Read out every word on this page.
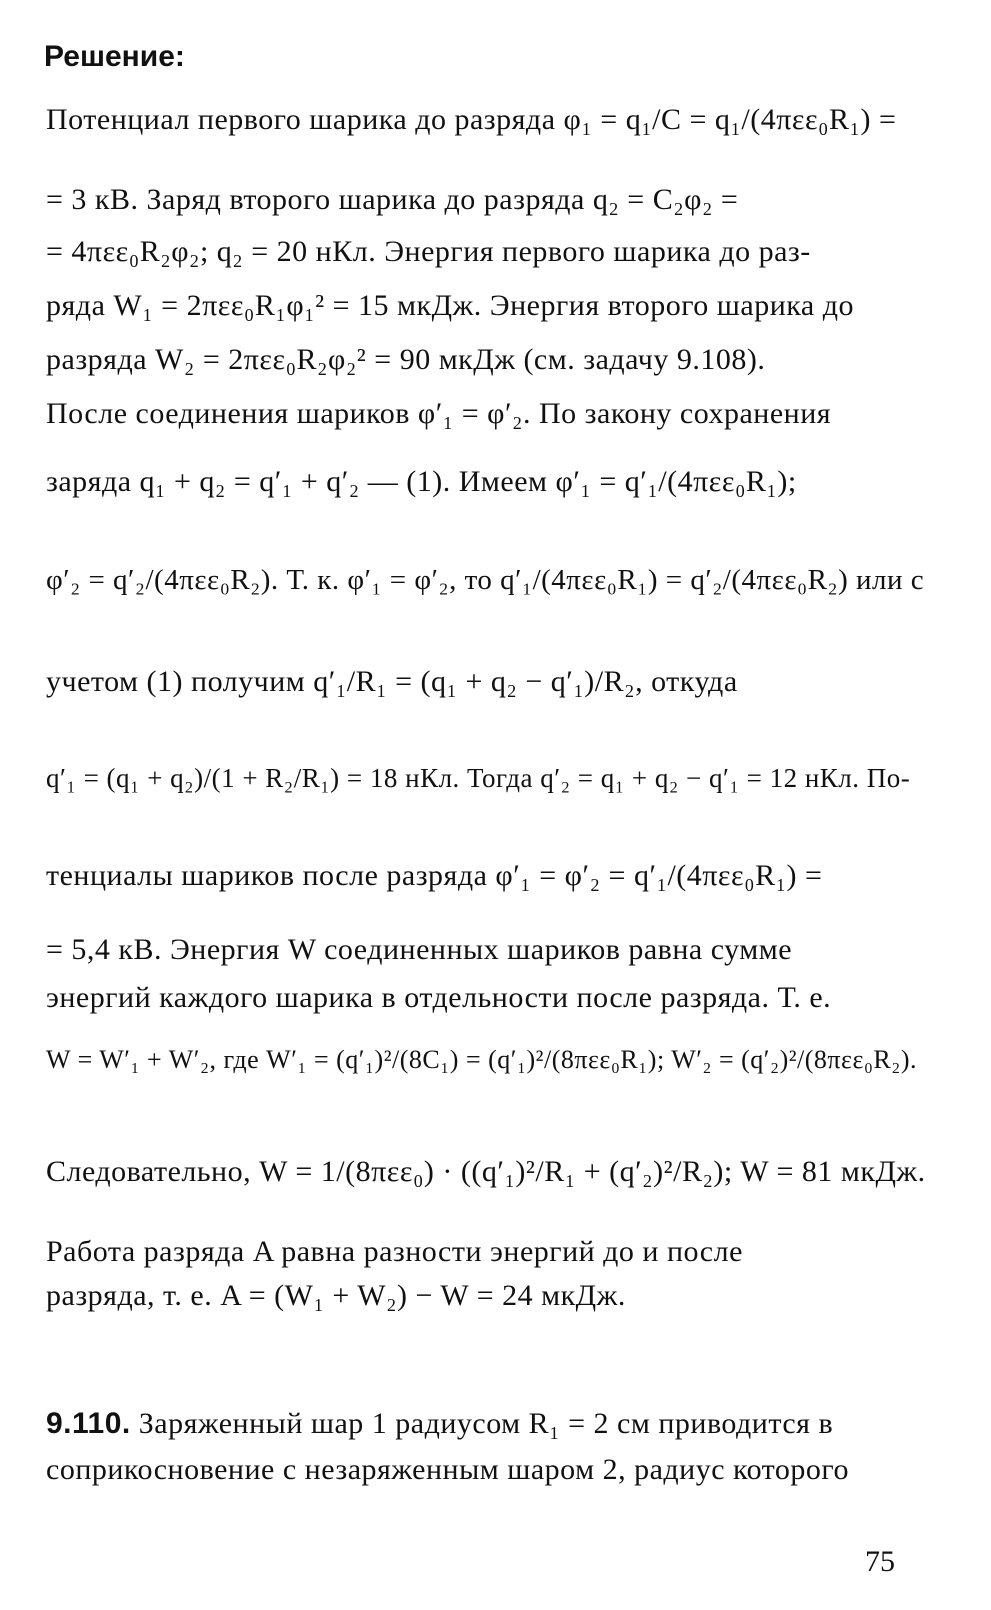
Решение:
Потенциал первого шарика до разряда φ₁ = q₁/C = q₁/(4πεε₀R₁) =
= 3 кВ. Заряд второго шарика до разряда q₂ = C₂φ₂ =
= 4πεε₀R₂φ₂; q₂ = 20 нКл. Энергия первого шарика до раз-
ряда W₁ = 2πεε₀R₁φ₁² = 15 мкДж. Энергия второго шарика до
разряда W₂ = 2πεε₀R₂φ₂² = 90 мкДж (см. задачу 9.108).
После соединения шариков φ′₁ = φ′₂. По закону сохранения
заряда q₁ + q₂ = q′₁ + q′₂ — (1). Имеем φ′₁ = q′₁/(4πεε₀R₁);
φ′₂ = q′₂/(4πεε₀R₂). Т. к. φ′₁ = φ′₂, то q′₁/(4πεε₀R₁) = q′₂/(4πεε₀R₂) или с
учетом (1) получим q′₁/R₁ = (q₁ + q₂ − q′₁)/R₂, откуда
q′₁ = (q₁ + q₂)/(1 + R₂/R₁) = 18 нКл. Тогда q′₂ = q₁ + q₂ − q′₁ = 12 нКл. По-
тенциалы шариков после разряда φ′₁ = φ′₂ = q′₁/(4πεε₀R₁) =
= 5,4 кВ. Энергия W соединенных шариков равна сумме
энергий каждого шарика в отдельности после разряда. Т. е.
W = W′₁ + W′₂, где W′₁ = (q′₁)²/(8C₁) = (q′₁)²/(8πεε₀R₁); W′₂ = (q′₂)²/(8πεε₀R₂).
Следовательно, W = 1/(8πεε₀) · ((q′₁)²/R₁ + (q′₂)²/R₂); W = 81 мкДж.
Работа разряда A равна разности энергий до и после
разряда, т. е. A = (W₁ + W₂) − W = 24 мкДж.
9.110. Заряженный шар 1 радиусом R₁ = 2 см приводится в
соприкосновение с незаряженным шаром 2, радиус которого
75
